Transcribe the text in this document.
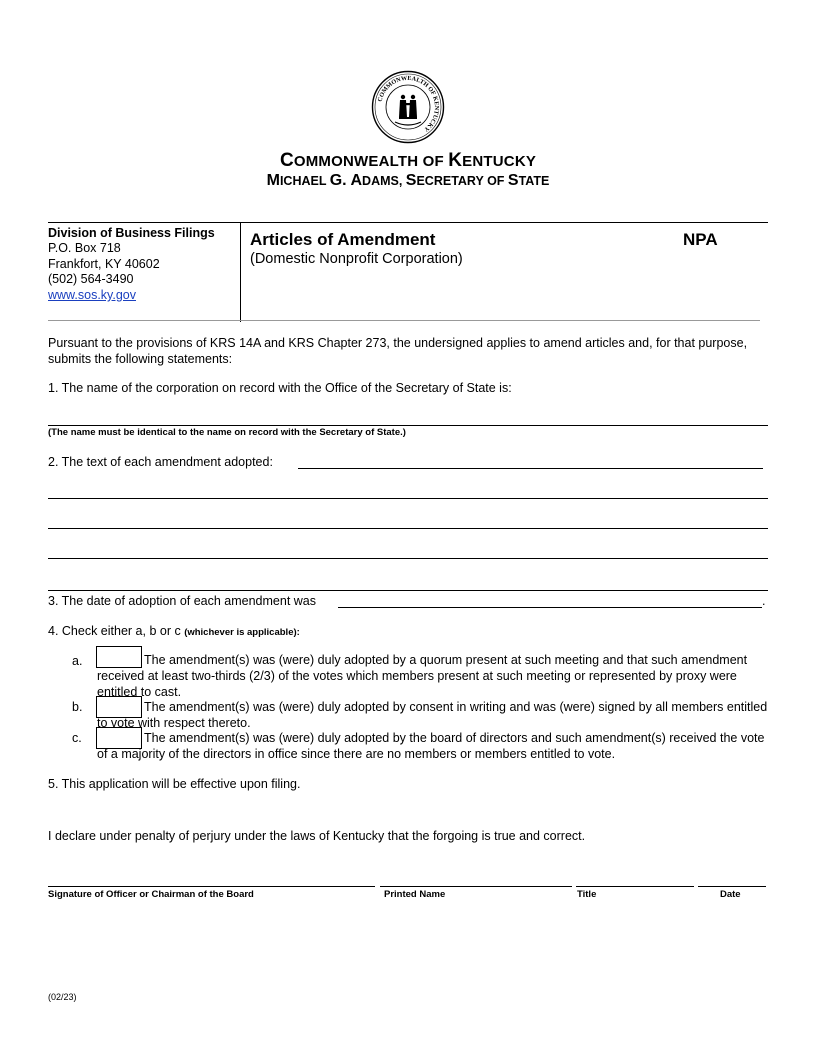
COMMONWEALTH OF KENTUCKY
COMMONWEALTH OF KENTUCKY
MICHAEL G. ADAMS, SECRETARY OF STATE
Division of Business Filings
P.O. Box 718
Frankfort, KY 40602
(502) 564-3490
www.sos.ky.gov
Articles of Amendment
(Domestic Nonprofit Corporation)
NPA
Pursuant to the provisions of KRS 14A and KRS Chapter 273, the undersigned applies to amend articles and, for that purpose, submits the following statements:
1. The name of the corporation on record with the Office of the Secretary of State is:
(The name must be identical to the name on record with the Secretary of State.)
2. The text of each amendment adopted:
3. The date of adoption of each amendment was	.
4. Check either a, b or c (whichever is applicable):
a.	The amendment(s) was (were) duly adopted by a quorum present at such meeting and that such amendment received at least two-thirds (2/3) of the votes which members present at such meeting or represented by proxy were entitled to cast.
b.	The amendment(s) was (were) duly adopted by consent in writing and was (were) signed by all members entitled to vote with respect thereto.
c.	The amendment(s) was (were) duly adopted by the board of directors and such amendment(s) received the vote of a majority of the directors in office since there are no members or members entitled to vote.
5. This application will be effective upon filing.
I declare under penalty of perjury under the laws of Kentucky that the forgoing is true and correct.
Signature of Officer or Chairman of the Board	Printed Name	Title	Date
(02/23)
